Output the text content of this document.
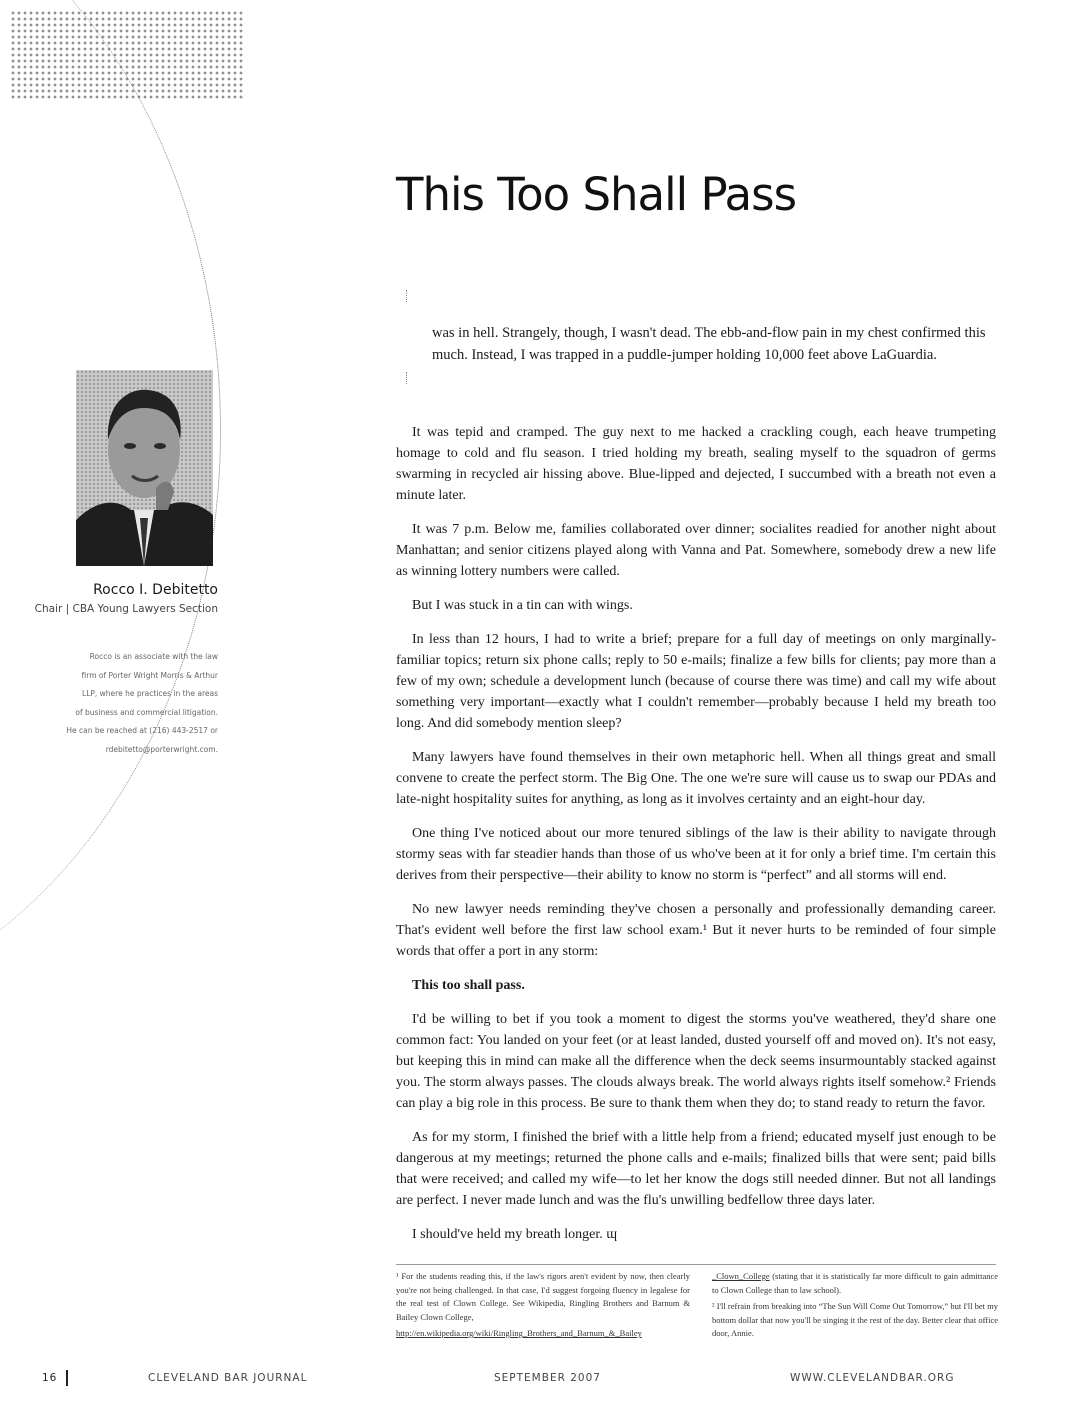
This Too Shall Pass

was in hell. Strangely, though, I wasn't dead. The ebb-and-flow pain in my chest confirmed this much. Instead, I was trapped in a puddle-jumper holding 10,000 feet above LaGuardia.

Rocco I. Debitetto

Chair | CBA Young Lawyers Section

Rocco is an associate with the law

firm of Porter Wright Morris & Arthur

LLP, where he practices in the areas

of business and commercial litigation.

He can be reached at (216) 443-2517 or

rdebitetto@porterwright.com.

It was tepid and cramped. The guy next to me hacked a crackling cough, each heave trumpeting homage to cold and flu season. I tried holding my breath, sealing myself to the squadron of germs swarming in recycled air hissing above. Blue-lipped and dejected, I succumbed with a breath not even a minute later.

It was 7 p.m. Below me, families collaborated over dinner; socialites readied for another night about Manhattan; and senior citizens played along with Vanna and Pat. Somewhere, somebody drew a new life as winning lottery numbers were called.

But I was stuck in a tin can with wings.

In less than 12 hours, I had to write a brief; prepare for a full day of meetings on only marginally-familiar topics; return six phone calls; reply to 50 e-mails; finalize a few bills for clients; pay more than a few of my own; schedule a development lunch (because of course there was time) and call my wife about something very important—exactly what I couldn't remember—probably because I held my breath too long. And did somebody mention sleep?

Many lawyers have found themselves in their own metaphoric hell. When all things great and small convene to create the perfect storm. The Big One. The one we're sure will cause us to swap our PDAs and late-night hospitality suites for anything, as long as it involves certainty and an eight-hour day.

One thing I've noticed about our more tenured siblings of the law is their ability to navigate through stormy seas with far steadier hands than those of us who've been at it for only a brief time. I'm certain this derives from their perspective—their ability to know no storm is “perfect” and all storms will end.

No new lawyer needs reminding they've chosen a personally and professionally demanding career. That's evident well before the first law school exam.¹ But it never hurts to be reminded of four simple words that offer a port in any storm:

This too shall pass.

I'd be willing to bet if you took a moment to digest the storms you've weathered, they'd share one common fact: You landed on your feet (or at least landed, dusted yourself off and moved on). It's not easy, but keeping this in mind can make all the difference when the deck seems insurmountably stacked against you. The storm always passes. The clouds always break. The world always rights itself somehow.² Friends can play a big role in this process. Be sure to thank them when they do; to stand ready to return the favor.

As for my storm, I finished the brief with a little help from a friend; educated myself just enough to be dangerous at my meetings; returned the phone calls and e-mails; finalized bills that were sent; paid bills that were received; and called my wife—to let her know the dogs still needed dinner. But not all landings are perfect. I never made lunch and was the flu's unwilling bedfellow three days later.

I should've held my breath longer. ɰ

¹ For the students reading this, if the law's rigors aren't evident by now, then clearly you're not being challenged. In that case, I'd suggest forgoing fluency in legalese for the real test of Clown College. See Wikipedia, Ringling Brothers and Barnum & Bailey Clown College,

http://en.wikipedia.org/wiki/Ringling_Brothers_and_Barnum_&_Bailey

_Clown_College (stating that it is statistically far more difficult to gain admittance to Clown College than to law school).

² I'll refrain from breaking into “The Sun Will Come Out Tomorrow,” but I'll bet my bottom dollar that now you'll be singing it the rest of the day. Better clear that office door, Annie.

16	CLEVELAND BAR JOURNAL	SEPTEMBER 2007	WWW.CLEVELANDBAR.ORG
